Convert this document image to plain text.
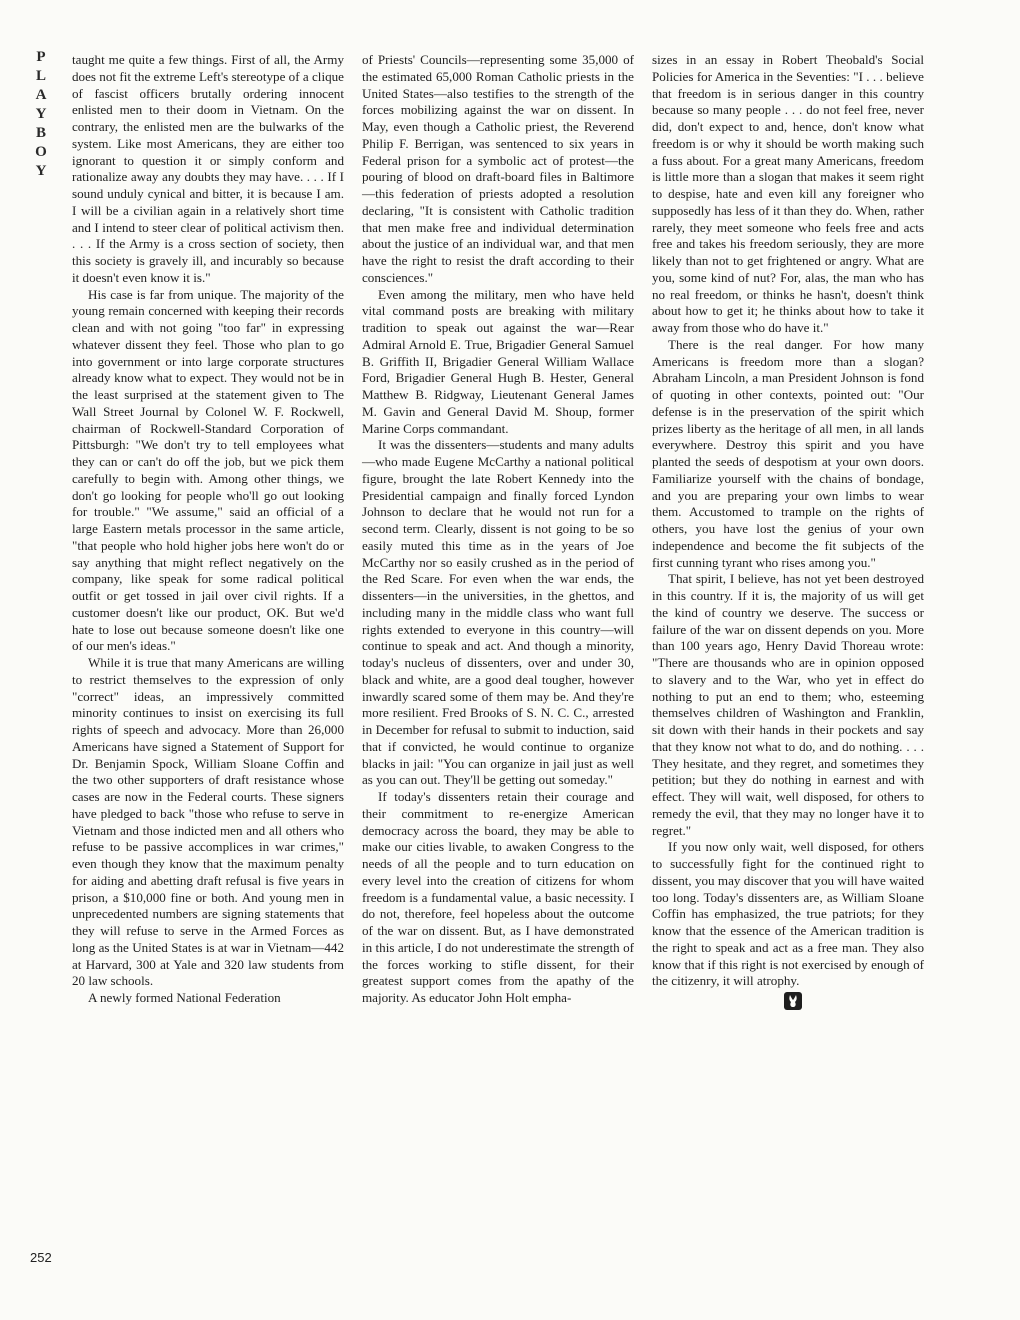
P
L
A
Y
B
O
Y

taught me quite a few things. First of all, the Army does not fit the extreme Left's stereotype of a clique of fascist officers brutally ordering innocent enlisted men to their doom in Vietnam. On the contrary, the enlisted men are the bulwarks of the system. Like most Americans, they are either too ignorant to question it or simply conform and rationalize away any doubts they may have. . . . If I sound unduly cynical and bitter, it is because I am. I will be a civilian again in a relatively short time and I intend to steer clear of political activism then. . . . If the Army is a cross section of society, then this society is gravely ill, and incurably so because it doesn't even know it is."

His case is far from unique. The majority of the young remain concerned with keeping their records clean and with not going "too far" in expressing whatever dissent they feel. Those who plan to go into government or into large corporate structures already know what to expect. They would not be in the least surprised at the statement given to The Wall Street Journal by Colonel W. F. Rockwell, chairman of Rockwell-Standard Corporation of Pittsburgh: "We don't try to tell employees what they can or can't do off the job, but we pick them carefully to begin with. Among other things, we don't go looking for people who'll go out looking for trouble." "We assume," said an official of a large Eastern metals processor in the same article, "that people who hold higher jobs here won't do or say anything that might reflect negatively on the company, like speak for some radical political outfit or get tossed in jail over civil rights. If a customer doesn't like our product, OK. But we'd hate to lose out because someone doesn't like one of our men's ideas."

While it is true that many Americans are willing to restrict themselves to the expression of only "correct" ideas, an impressively committed minority continues to insist on exercising its full rights of speech and advocacy. More than 26,000 Americans have signed a Statement of Support for Dr. Benjamin Spock, William Sloane Coffin and the two other supporters of draft resistance whose cases are now in the Federal courts. These signers have pledged to back "those who refuse to serve in Vietnam and those indicted men and all others who refuse to be passive accomplices in war crimes," even though they know that the maximum penalty for aiding and abetting draft refusal is five years in prison, a $10,000 fine or both. And young men in unprecedented numbers are signing statements that they will refuse to serve in the Armed Forces as long as the United States is at war in Vietnam—442 at Harvard, 300 at Yale and 320 law students from 20 law schools.

A newly formed National Federation

of Priests' Councils—representing some 35,000 of the estimated 65,000 Roman Catholic priests in the United States—also testifies to the strength of the forces mobilizing against the war on dissent. In May, even though a Catholic priest, the Reverend Philip F. Berrigan, was sentenced to six years in Federal prison for a symbolic act of protest—the pouring of blood on draft-board files in Baltimore—this federation of priests adopted a resolution declaring, "It is consistent with Catholic tradition that men make free and individual determination about the justice of an individual war, and that men have the right to resist the draft according to their consciences."

Even among the military, men who have held vital command posts are breaking with military tradition to speak out against the war—Rear Admiral Arnold E. True, Brigadier General Samuel B. Griffith II, Brigadier General William Wallace Ford, Brigadier General Hugh B. Hester, General Matthew B. Ridgway, Lieutenant General James M. Gavin and General David M. Shoup, former Marine Corps commandant.

It was the dissenters—students and many adults—who made Eugene McCarthy a national political figure, brought the late Robert Kennedy into the Presidential campaign and finally forced Lyndon Johnson to declare that he would not run for a second term. Clearly, dissent is not going to be so easily muted this time as in the years of Joe McCarthy nor so easily crushed as in the period of the Red Scare. For even when the war ends, the dissenters—in the universities, in the ghettos, and including many in the middle class who want full rights extended to everyone in this country—will continue to speak and act. And though a minority, today's nucleus of dissenters, over and under 30, black and white, are a good deal tougher, however inwardly scared some of them may be. And they're more resilient. Fred Brooks of S. N. C. C., arrested in December for refusal to submit to induction, said that if convicted, he would continue to organize blacks in jail: "You can organize in jail just as well as you can out. They'll be getting out someday."

If today's dissenters retain their courage and their commitment to re-energize American democracy across the board, they may be able to make our cities livable, to awaken Congress to the needs of all the people and to turn education on every level into the creation of citizens for whom freedom is a fundamental value, a basic necessity. I do not, therefore, feel hopeless about the outcome of the war on dissent. But, as I have demonstrated in this article, I do not underestimate the strength of the forces working to stifle dissent, for their greatest support comes from the apathy of the majority. As educator John Holt empha-

sizes in an essay in Robert Theobald's Social Policies for America in the Seventies: "I . . . believe that freedom is in serious danger in this country because so many people . . . do not feel free, never did, don't expect to and, hence, don't know what freedom is or why it should be worth making such a fuss about. For a great many Americans, freedom is little more than a slogan that makes it seem right to despise, hate and even kill any foreigner who supposedly has less of it than they do. When, rather rarely, they meet someone who feels free and acts free and takes his freedom seriously, they are more likely than not to get frightened or angry. What are you, some kind of nut? For, alas, the man who has no real freedom, or thinks he hasn't, doesn't think about how to get it; he thinks about how to take it away from those who do have it."

There is the real danger. For how many Americans is freedom more than a slogan? Abraham Lincoln, a man President Johnson is fond of quoting in other contexts, pointed out: "Our defense is in the preservation of the spirit which prizes liberty as the heritage of all men, in all lands everywhere. Destroy this spirit and you have planted the seeds of despotism at your own doors. Familiarize yourself with the chains of bondage, and you are preparing your own limbs to wear them. Accustomed to trample on the rights of others, you have lost the genius of your own independence and become the fit subjects of the first cunning tyrant who rises among you."

That spirit, I believe, has not yet been destroyed in this country. If it is, the majority of us will get the kind of country we deserve. The success or failure of the war on dissent depends on you. More than 100 years ago, Henry David Thoreau wrote: "There are thousands who are in opinion opposed to slavery and to the War, who yet in effect do nothing to put an end to them; who, esteeming themselves children of Washington and Franklin, sit down with their hands in their pockets and say that they know not what to do, and do nothing. . . . They hesitate, and they regret, and sometimes they petition; but they do nothing in earnest and with effect. They will wait, well disposed, for others to remedy the evil, that they may no longer have it to regret."

If you now only wait, well disposed, for others to successfully fight for the continued right to dissent, you may discover that you will have waited too long. Today's dissenters are, as William Sloane Coffin has emphasized, the true patriots; for they know that the essence of the American tradition is the right to speak and act as a free man. They also know that if this right is not exercised by enough of the citizenry, it will atrophy.

252
